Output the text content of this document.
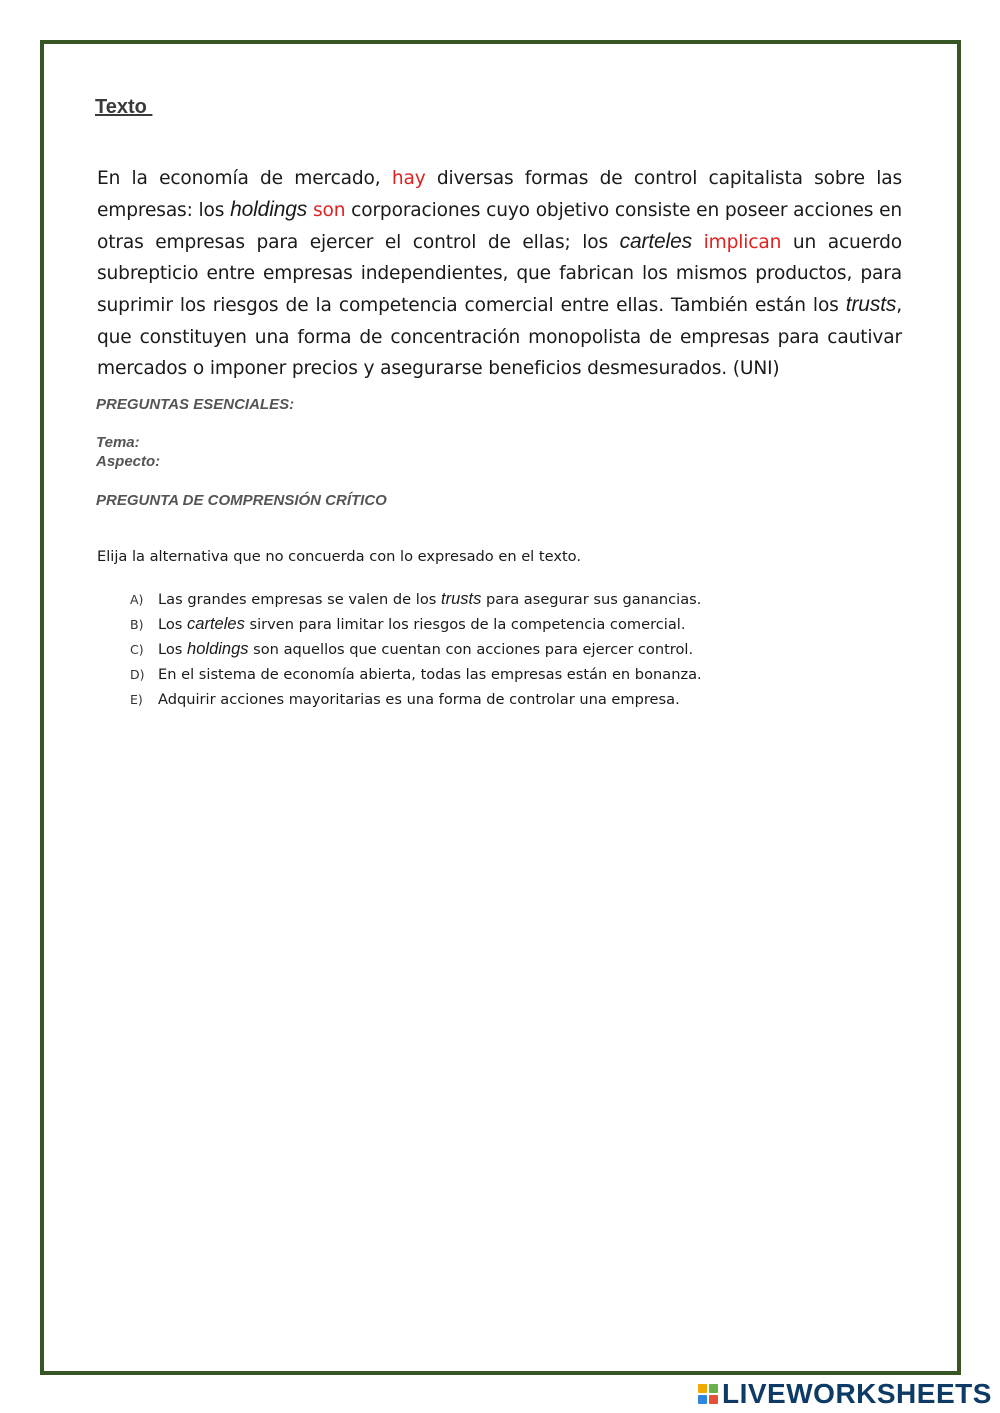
Texto

En la economía de mercado, hay diversas formas de control capitalista sobre las empresas: los holdings son corporaciones cuyo objetivo consiste en poseer acciones en otras empresas para ejercer el control de ellas; los carteles implican un acuerdo subrepticio entre empresas independientes, que fabrican los mismos productos, para suprimir los riesgos de la competencia comercial entre ellas. También están los trusts, que constituyen una forma de concentración monopolista de empresas para cautivar mercados o imponer precios y asegurarse beneficios desmesurados. (UNI)

PREGUNTAS ESENCIALES:
Tema:
Aspecto:
PREGUNTA DE COMPRENSIÓN CRÍTICO
Elija la alternativa que no concuerda con lo expresado en el texto.
A) Las grandes empresas se valen de los trusts para asegurar sus ganancias.
B) Los carteles sirven para limitar los riesgos de la competencia comercial.
C) Los holdings son aquellos que cuentan con acciones para ejercer control.
D) En el sistema de economía abierta, todas las empresas están en bonanza.
E)	Adquirir acciones mayoritarias es una forma de controlar una empresa.
LIVEWORKSHEETS
